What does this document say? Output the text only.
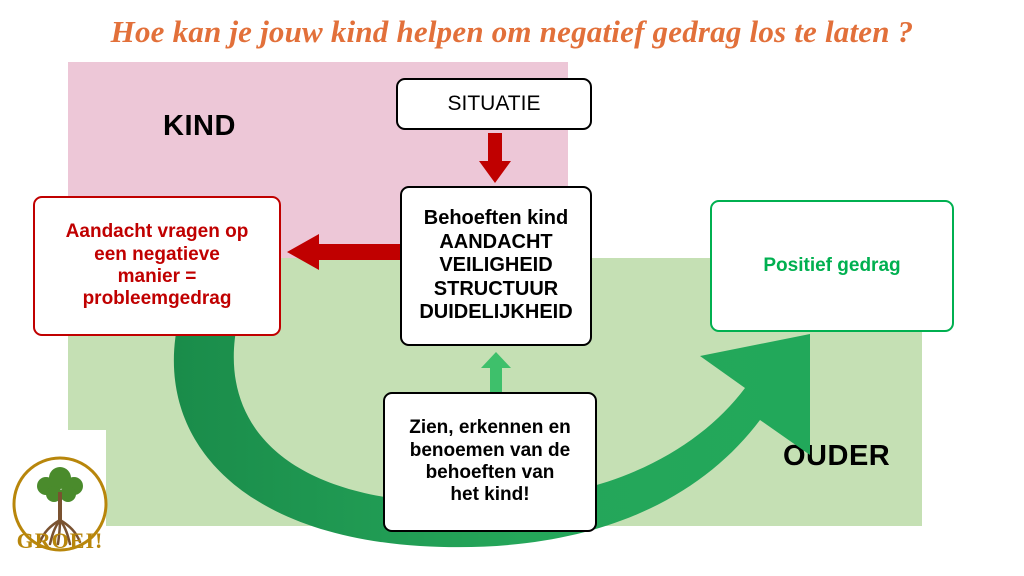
Hoe kan je jouw kind helpen om negatief gedrag los te laten ?
KIND
OUDER
SITUATIE
Behoeften kind
AANDACHT
VEILIGHEID
STRUCTUUR
DUIDELIJKHEID
Zien, erkennen en
benoemen van de
behoeften van
het kind!
Aandacht vragen op
een negatieve
manier =
probleemgedrag
Positief gedrag
GROEI!
